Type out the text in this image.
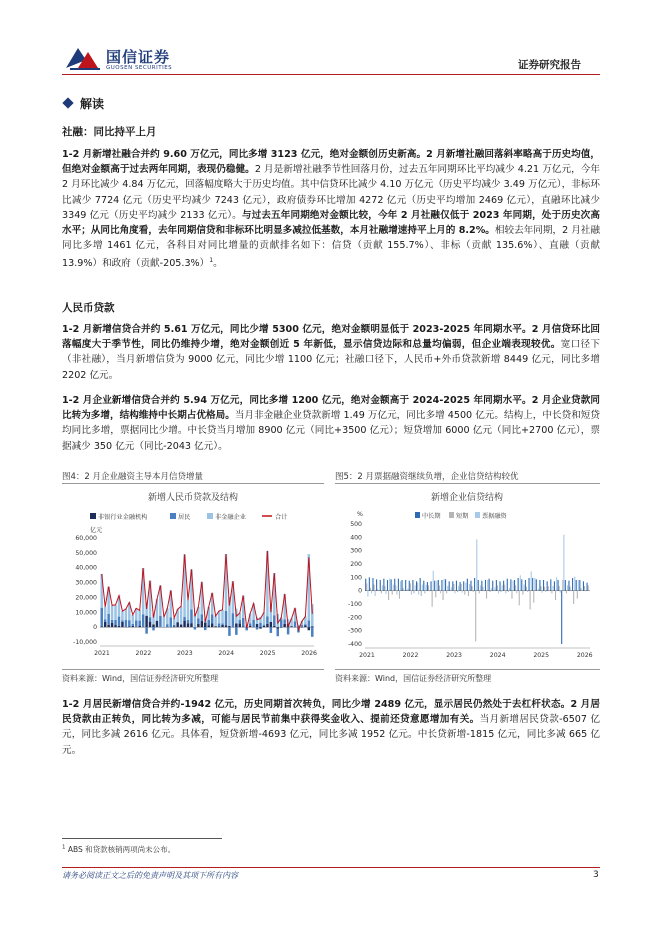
国信证券
GUOSEN SECURITIES	证券研究报告
解读
社融：同比持平上月

1-2 月新增社融合并约 9.60 万亿元，同比多增 3123 亿元，绝对金额创历史新高。2 月新增社融回落斜率略高于历史均值，但绝对金额高于过去两年同期，表现仍稳健。2 月是新增社融季节性回落月份，过去五年同期环比平均减少 4.21 万亿元，今年 2 月环比减少 4.84 万亿元，回落幅度略大于历史均值。其中信贷环比减少 4.10 万亿元（历史平均减少 3.49 万亿元），非标环比减少 7724 亿元（历史平均减少 7243 亿元），政府债券环比增加 4272 亿元（历史平均增加 2469 亿元），直融环比减少 3349 亿元（历史平均减少 2133 亿元）。与过去五年同期绝对金额比较，今年 2 月社融仅低于 2023 年同期，处于历史次高水平；从同比角度看，去年同期信贷和非标环比明显多减拉低基数，本月社融增速持平上月的 8.2%。相较去年同期，2 月社融同比多增 1461 亿元，各科目对同比增量的贡献排名如下：信贷（贡献 155.7%）、非标（贡献 135.6%）、直融（贡献 13.9%）和政府（贡献-205.3%）$^1$。

人民币贷款

1-2 月新增信贷合并约 5.61 万亿元，同比少增 5300 亿元，绝对金额明显低于 2023-2025 年同期水平。2 月信贷环比回落幅度大于季节性，同比仍维持少增，绝对金额创近 5 年新低，显示信贷边际和总量均偏弱，但企业端表现较优。宽口径下（非社融），当月新增信贷为 9000 亿元，同比少增 1100 亿元；社融口径下，人民币+外币贷款新增 8449 亿元，同比多增 2202 亿元。

1-2 月企业新增信贷合并约 5.94 万亿元，同比多增 1200 亿元，绝对金额高于 2024-2025 年同期水平。2 月企业贷款同比转为多增，结构维持中长期占优格局。当月非金融企业贷款新增 1.49 万亿元，同比多增 4500 亿元。结构上，中长贷和短贷均同比多增，票据同比少增。中长贷当月增加 8900 亿元（同比+3500 亿元）；短贷增加 6000 亿元（同比+2700 亿元），票据减少 350 亿元（同比-2043 亿元）。

图4：2 月企业融资主导本月信贷增量	图5：2 月票据融资继续负增，企业信贷结构较优
新增人民币贷款及结构
非银行业金融机构	居民	非金融企业	合计
亿元
60,000
50,000
40,000
30,000
20,000
10,000
0
-10,000
2021	2022	2023	2024	2025	2026
新增企业信贷结构
%	中长期 短期 票据融资
500
400
300
200
100
0
-100
-200
-300
-400
2021	2022	2023	2024	2025	2026
资料来源：Wind，国信证券经济研究所整理	资料来源：Wind，国信证券经济研究所整理

1-2 月居民新增信贷合并约-1942 亿元，历史同期首次转负，同比少增 2489 亿元，显示居民仍然处于去杠杆状态。2 月居民贷款由正转负，同比转为多减，可能与居民节前集中获得奖金收入、提前还贷意愿增加有关。当月新增居民贷款-6507 亿元，同比多减 2616 亿元。具体看，短贷新增-4693 亿元，同比多减 1952 亿元。中长贷新增-1815 亿元，同比多减 665 亿元。

$^1$ ABS 和贷款核销两项尚未公布。
请务必阅读正文之后的免责声明及其项下所有内容	3
